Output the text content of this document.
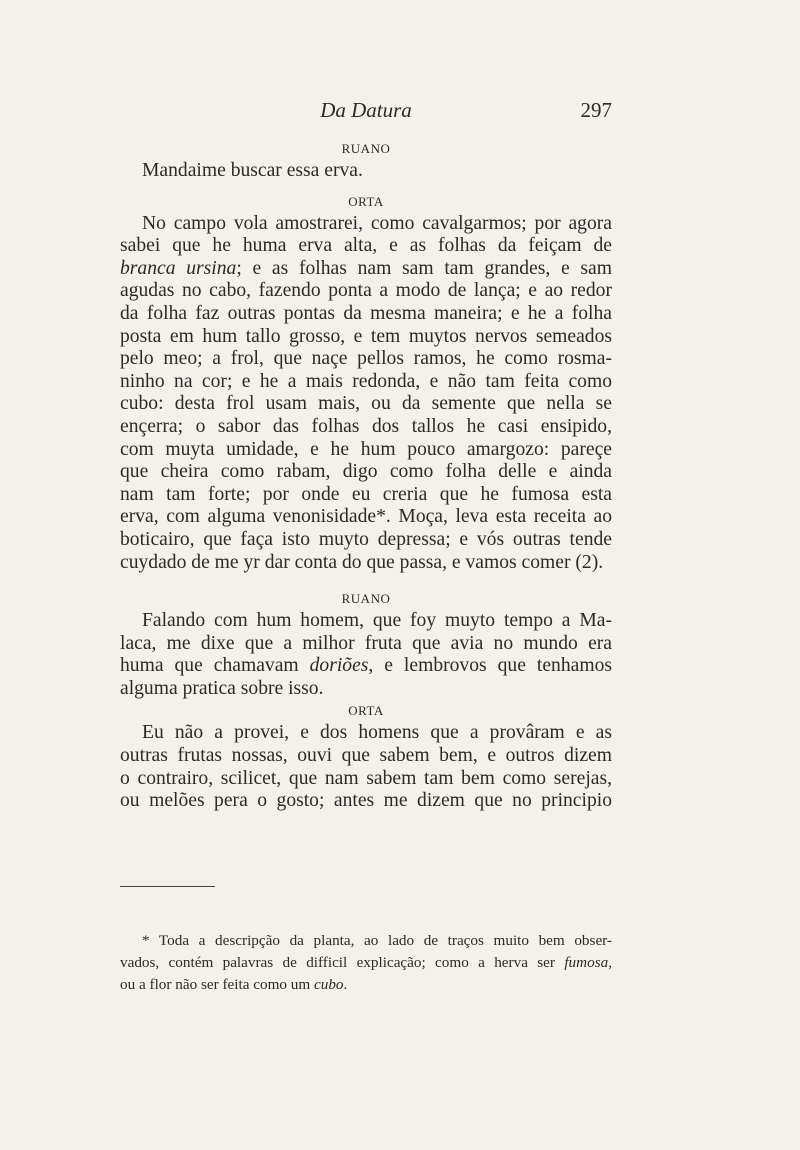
Da Datura	297

RUANO

Mandaime buscar essa erva.

ORTA

No campo vola amostrarei, como cavalgarmos; por agora

sabei que he huma erva alta, e as folhas da feiçam de

branca ursina; e as folhas nam sam tam grandes, e sam

agudas no cabo, fazendo ponta a modo de lança; e ao redor

da folha faz outras pontas da mesma maneira; e he a folha

posta em hum tallo grosso, e tem muytos nervos semeados

pelo meo; a frol, que naçe pellos ramos, he como rosma-

ninho na cor; e he a mais redonda, e não tam feita como

cubo: desta frol usam mais, ou da semente que nella se

ençerra; o sabor das folhas dos tallos he casi ensipido,

com muyta umidade, e he hum pouco amargozo: pareçe

que cheira como rabam, digo como folha delle e ainda

nam tam forte; por onde eu creria que he fumosa esta

erva, com alguma venonisidade*. Moça, leva esta receita ao

boticairo, que faça isto muyto depressa; e vós outras tende

cuydado de me yr dar conta do que passa, e vamos comer (2).

RUANO

Falando com hum homem, que foy muyto tempo a Ma-

laca, me dixe que a milhor fruta que avia no mundo era

huma que chamavam doriões, e lembrovos que tenhamos

alguma pratica sobre isso.

ORTA

Eu não a provei, e dos homens que a provâram e as

outras frutas nossas, ouvi que sabem bem, e outros dizem

o contrairo, scilicet, que nam sabem tam bem como serejas,

ou melões pera o gosto; antes me dizem que no principio

* Toda a descripção da planta, ao lado de traços muito bem obser-

vados, contém palavras de difficil explicação; como a herva ser fumosa,

ou a flor não ser feita como um cubo.
